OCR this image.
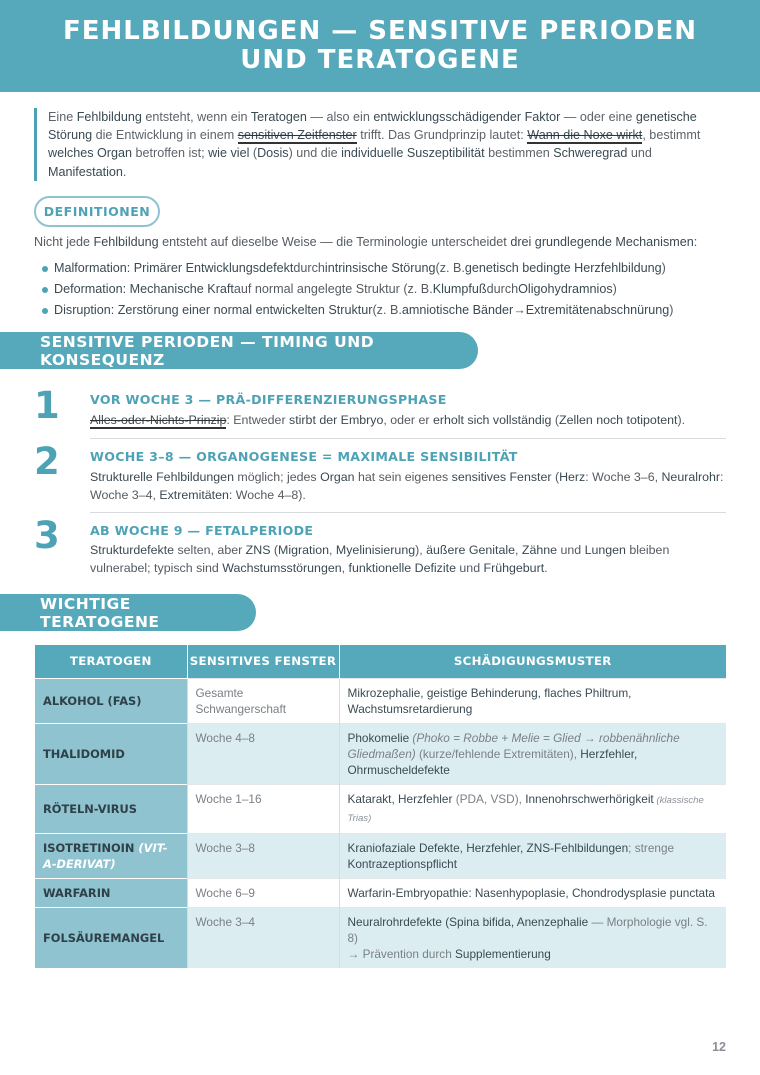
FEHLBILDUNGEN — SENSITIVE PERIODEN UND TERATOGENE
Eine Fehlbildung entsteht, wenn ein Teratogen — also ein entwicklungsschädigender Faktor — oder eine genetische Störung die Entwicklung in einem sensitiven Zeitfenster trifft. Das Grundprinzip lautet: Wann die Noxe wirkt, bestimmt welches Organ betroffen ist; wie viel (Dosis) und die individuelle Suszeptibilität bestimmen Schweregrad und Manifestation.
DEFINITIONEN
Nicht jede Fehlbildung entsteht auf dieselbe Weise — die Terminologie unterscheidet drei grundlegende Mechanismen:
Malformation: Primärer Entwicklungsdefekt durch intrinsische Störung (z. B. genetisch bedingte Herzfehlbildung )
Deformation: Mechanische Kraft auf normal angelegte Struktur (z. B. Klumpfuß durch Oligohydramnios )
Disruption: Zerstörung einer normal entwickelten Struktur (z. B. amniotische Bänder → Extremitätenabschnürung )
SENSITIVE PERIODEN — TIMING UND KONSEQUENZ
1 VOR WOCHE 3 — PRÄ-DIFFERENZIERUNGSPHASE

Alles-oder-Nichts-Prinzip: Entweder stirbt der Embryo, oder er erholt sich vollständig (Zellen noch totipotent).

2 WOCHE 3–8 — ORGANOGENESE = MAXIMALE SENSIBILITÄT

Strukturelle Fehlbildungen möglich; jedes Organ hat sein eigenes sensitives Fenster (Herz: Woche 3–6, Neuralrohr: Woche 3–4, Extremitäten: Woche 4–8).

3 AB WOCHE 9 — FETALPERIODE

Strukturdefekte selten, aber ZNS (Migration, Myelinisierung), äußere Genitale, Zähne und Lungen bleiben vulnerabel; typisch sind Wachstumsstörungen, funktionelle Defizite und Frühgeburt.

WICHTIGE TERATOGENE
TERATOGEN	SENSITIVES FENSTER	SCHÄDIGUNGSMUSTER
ALKOHOL (FAS)	Gesamte Schwangerschaft	Mikrozephalie, geistige Behinderung, flaches Philtrum, Wachstumsretardierung
THALIDOMID	Woche 4–8	Phokomelie (Phoko = Robbe + Melie = Glied → robbenähnliche Gliedmaßen) (kurze/fehlende Extremitäten), Herzfehler, Ohrmuscheldefekte
RÖTELN-VIRUS	Woche 1–16	Katarakt, Herzfehler (PDA, VSD), Innenohrschwerhörigkeit (klassische Trias)
ISOTRETINOIN (VIT-A-DERIVAT)	Woche 3–8	Kraniofaziale Defekte, Herzfehler, ZNS-Fehlbildungen; strenge Kontrazeptionspflicht
WARFARIN	Woche 6–9	Warfarin-Embryopathie: Nasenhypoplasie, Chondrodysplasie punctata
FOLSÄUREMANGEL	Woche 3–4	Neuralrohrdefekte (Spina bifida, Anenzephalie — Morphologie vgl. S. 8)
→ Prävention durch Supplementierung
12
